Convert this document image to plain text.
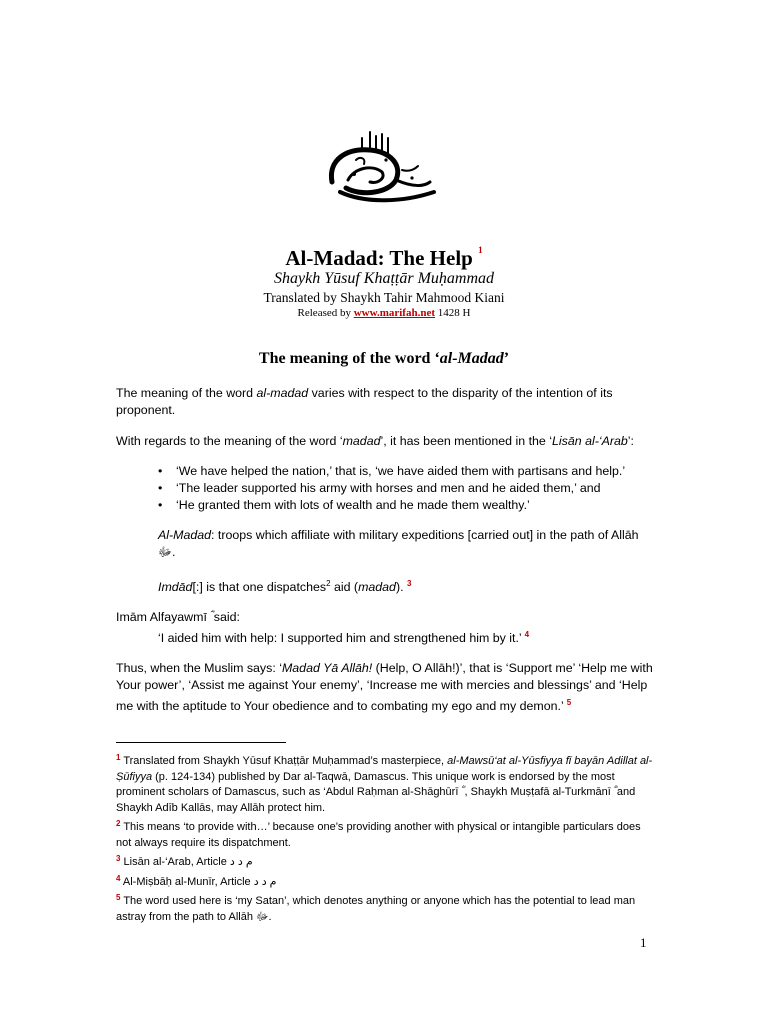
Al-Madad: The Help $^1$
Shaykh Yūsuf Khaṭṭār Muḥammad
Translated by Shaykh Tahir Mahmood Kiani
Released by www.marifah.net 1428 H
The meaning of the word ‘al-Madad’

The meaning of the word al-madad varies with respect to the disparity of the intention of its proponent.

With regards to the meaning of the word ‘madad’, it has been mentioned in the ‘Lisān al-‘Arab’:

• ‘We have helped the nation,’ that is, ‘we have aided them with partisans and help.’
• ‘The leader supported his army with horses and men and he aided them,’ and
• ‘He granted them with lots of wealth and he made them wealthy.’

Al-Madad: troops which affiliate with military expeditions [carried out] in the path of Allāh ﷻ.

Imdād[:] is that one dispatches$^2$ aid (madad). $^3$

Imām Alfayawmī ؓ said:

‘I aided him with help: I supported him and strengthened him by it.’ $^4$

Thus, when the Muslim says: ‘Madad Yā Allāh! (Help, O Allāh!)’, that is ‘Support me’ ‘Help me with Your power’, ‘Assist me against Your enemy’, ‘Increase me with mercies and blessings’ and ‘Help me with the aptitude to Your obedience and to combating my ego and my demon.’ $^5$

$^1$ Translated from Shaykh Yūsuf Khaṭṭār Muḥammad’s masterpiece, al-Mawsū‘at al-Yūsfiyya fī bayān Adillat al-Ṣūfiyya (p. 124-134) published by Dar al-Taqwā, Damascus. This unique work is endorsed by the most prominent scholars of Damascus, such as ‘Abdul Raḥman al-Shāghūrī ؓ , Shaykh Muṣṭafā al-Turkmānī ؓ and Shaykh Adīb Kallās, may Allāh protect him.
$^2$ This means ‘to provide with…’ because one’s providing another with physical or intangible particulars does not always require its dispatchment.
$^3$ Lisān al-‘Arab, Article م د د
$^4$ Al-Miṣbāḥ al-Munīr, Article م د د
$^5$ The word used here is ‘my Satan’, which denotes anything or anyone which has the potential to lead man astray from the path to Allāh ﷻ.
1
